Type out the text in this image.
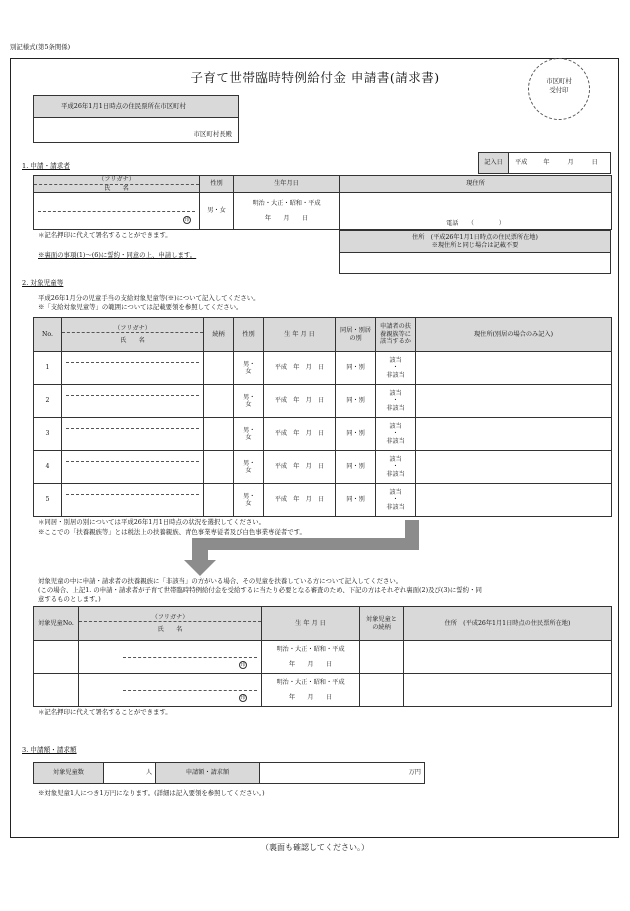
別記様式(第5条関係)
子育て世帯臨時特例給付金 申請書(請求書)	市区町村
受付印
平成26年1月1日時点の住民票所在市区町村
市区町村長殿
1. 申請・請求者	記入日	平成	年	月	日
（フリガナ）
氏　　名	性別	生年月日	現住所

印	男・女	明治・大正・昭和・平成
年　　月　　日	電話　　（　　　　）
＊記名押印に代えて署名することができます。
※裏面の事項(1)～(6)に誓約・同意の上、申請します。
住所　(平成26年1月1日時点の住民票所在地)
※現住所と同じ場合は記載不要

2. 対象児童等
平成26年1月分の児童手当の支給対象児童等(※)について記入してください。
※「支給対象児童等」の範囲については記載要領を参照してください。
No.	（フリガナ）
氏　　名	続柄	性別	生 年 月 日	同居・別居の別	申請者の扶養親族等に該当するか	現住所(別居の場合のみ記入)
1			男・女	平成　年　月　日	同・別	該当
・
非該当	

2			男・女	平成　年　月　日	同・別	該当
・
非該当	

3			男・女	平成　年　月　日	同・別	該当
・
非該当	

4			男・女	平成　年　月　日	同・別	該当
・
非該当	

5			男・女	平成　年　月　日	同・別	該当
・
非該当	

＊同居・別居の別については平成26年1月1日時点の状況を選択してください。
※ここでの「扶養親族等」とは税法上の扶養親族、青色事業専従者及び白色事業専従者です。
対象児童の中に申請・請求者の扶養親族に「非該当」の方がいる場合、その児童を扶養している方について記入してください。
(この場合、上記1. の申請・請求者が子育て世帯臨時特例給付金を受給するに当たり必要となる審査のため、下記の方はそれぞれ裏面(2)及び(3)に誓約・同
意するものとします。)
対象児童No.	（フリガナ）
氏　　名	生 年 月 日	対象児童との続柄	住所　(平成26年1月1日時点の住民票所在地)

	印	明治・大正・昭和・平成
年　　月　　日		

	印	明治・大正・昭和・平成
年　　月　　日		

＊記名押印に代えて署名することができます。
3. 申請額・請求額
対象児童数	人	申請額・請求額	万円
※対象児童1人につき1万円になります。(詳細は記入要領を参照してください。)
（裏面も確認してください。）
